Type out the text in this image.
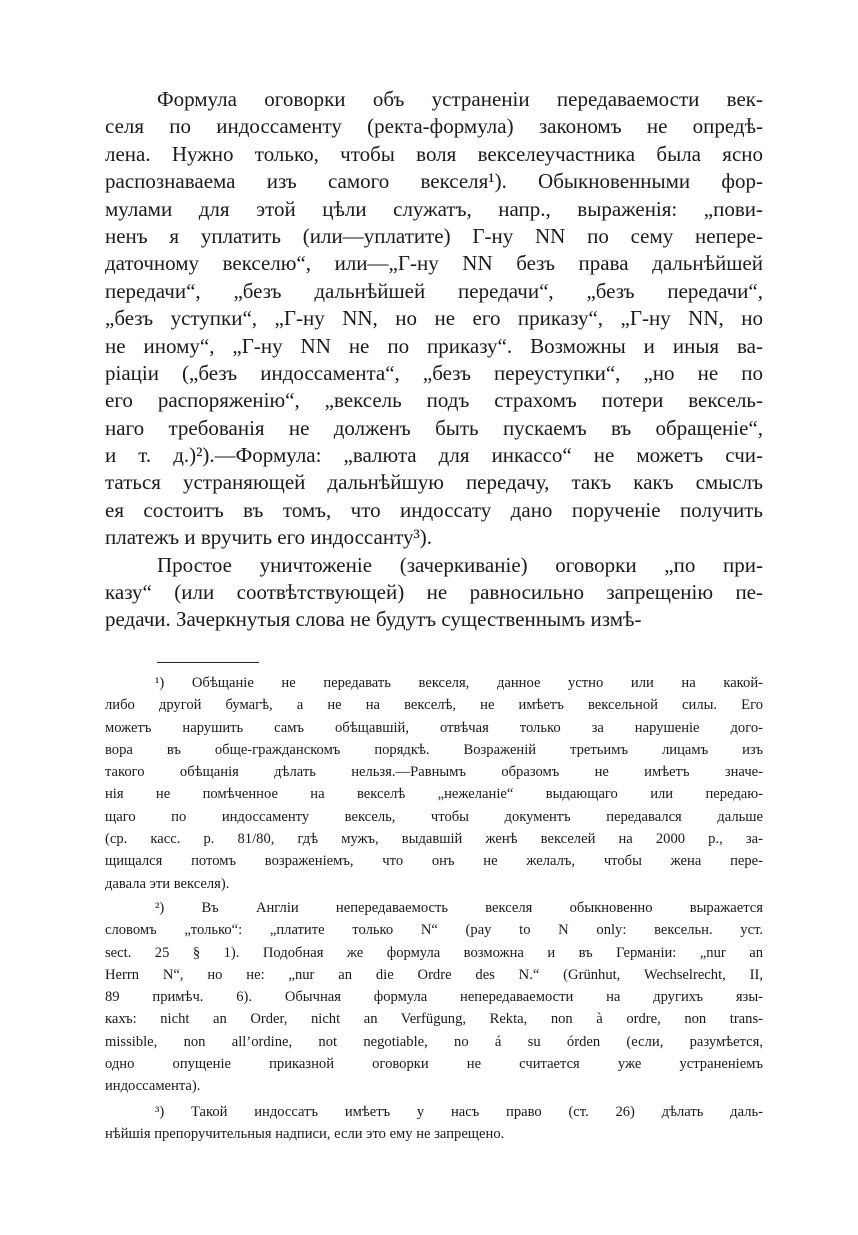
Формула оговорки объ устраненіи передаваемости век-
селя по индоссаменту (ректа-формула) закономъ не опредѣ-
лена. Нужно только, чтобы воля векселеучастника была ясно
распознаваема изъ самого векселя¹). Обыкновенными фор-
мулами для этой цѣли служатъ, напр., выраженія: „пови-
ненъ я уплатить (или—уплатите) Г-ну NN по сему непере-
даточному векселю“, или—„Г-ну NN безъ права дальнѣйшей
передачи“, „безъ дальнѣйшей передачи“, „безъ передачи“,
„безъ уступки“, „Г-ну NN, но не его приказу“, „Г-ну NN, но
не иному“, „Г-ну NN не по приказу“. Возможны и иныя ва-
ріаціи („безъ индоссамента“, „безъ переуступки“, „но не по
его распоряженію“, „вексель подъ страхомъ потери вексель-
наго требованія не долженъ быть пускаемъ въ обращеніе“,
и т. д.)²).—Формула: „валюта для инкассо“ не можетъ счи-
таться устраняющей дальнѣйшую передачу, такъ какъ смыслъ
ея состоитъ въ томъ, что индоссату дано порученіе получить
платежъ и вручить его индоссанту³).
Простое уничтоженіе (зачеркиваніе) оговорки „по при-
казу“ (или соотвѣтствующей) не равносильно запрещенію пе-
редачи. Зачеркнутыя слова не будутъ существеннымъ измѣ-
¹) Обѣщаніе не передавать векселя, данное устно или на какой-
либо другой бумагѣ, а не на векселѣ, не имѣетъ вексельной силы. Его
можетъ нарушить самъ обѣщавшій, отвѣчая только за нарушеніе дого-
вора въ обще-гражданскомъ порядкѣ. Возраженій третьимъ лицамъ изъ
такого обѣщанія дѣлать нельзя.—Равнымъ образомъ не имѣетъ значе-
нія не помѣченное на векселѣ „нежеланіе“ выдающаго или передаю-
щаго по индоссаменту вексель, чтобы документъ передавался дальше
(ср. касс. р. 81/80, гдѣ мужъ, выдавшій женѣ векселей на 2000 р., за-
щищался потомъ возраженіемъ, что онъ не желалъ, чтобы жена пере-
давала эти векселя).
²) Въ Англіи непередаваемость векселя обыкновенно выражается
словомъ „только“: „платите только N“ (pay to N only: вексельн. уст.
sect. 25 § 1). Подобная же формула возможна и въ Германіи: „nur an
Herrn N“, но не: „nur an die Ordre des N.“ (Grünhut, Wechselrecht, II,
89 примѣч. 6). Обычная формула непередаваемости на другихъ язы-
кахъ: nicht an Order, nicht an Verfügung, Rekta, non à ordre, non trans-
missible, non all’ordine, not negotiable, no á su órden (если, разумѣется,
одно опущеніе приказной оговорки не считается уже устраненіемъ
индоссамента).
³) Такой индоссатъ имѣетъ у насъ право (ст. 26) дѣлать даль-
нѣйшія препоручительныя надписи, если это ему не запрещено.
